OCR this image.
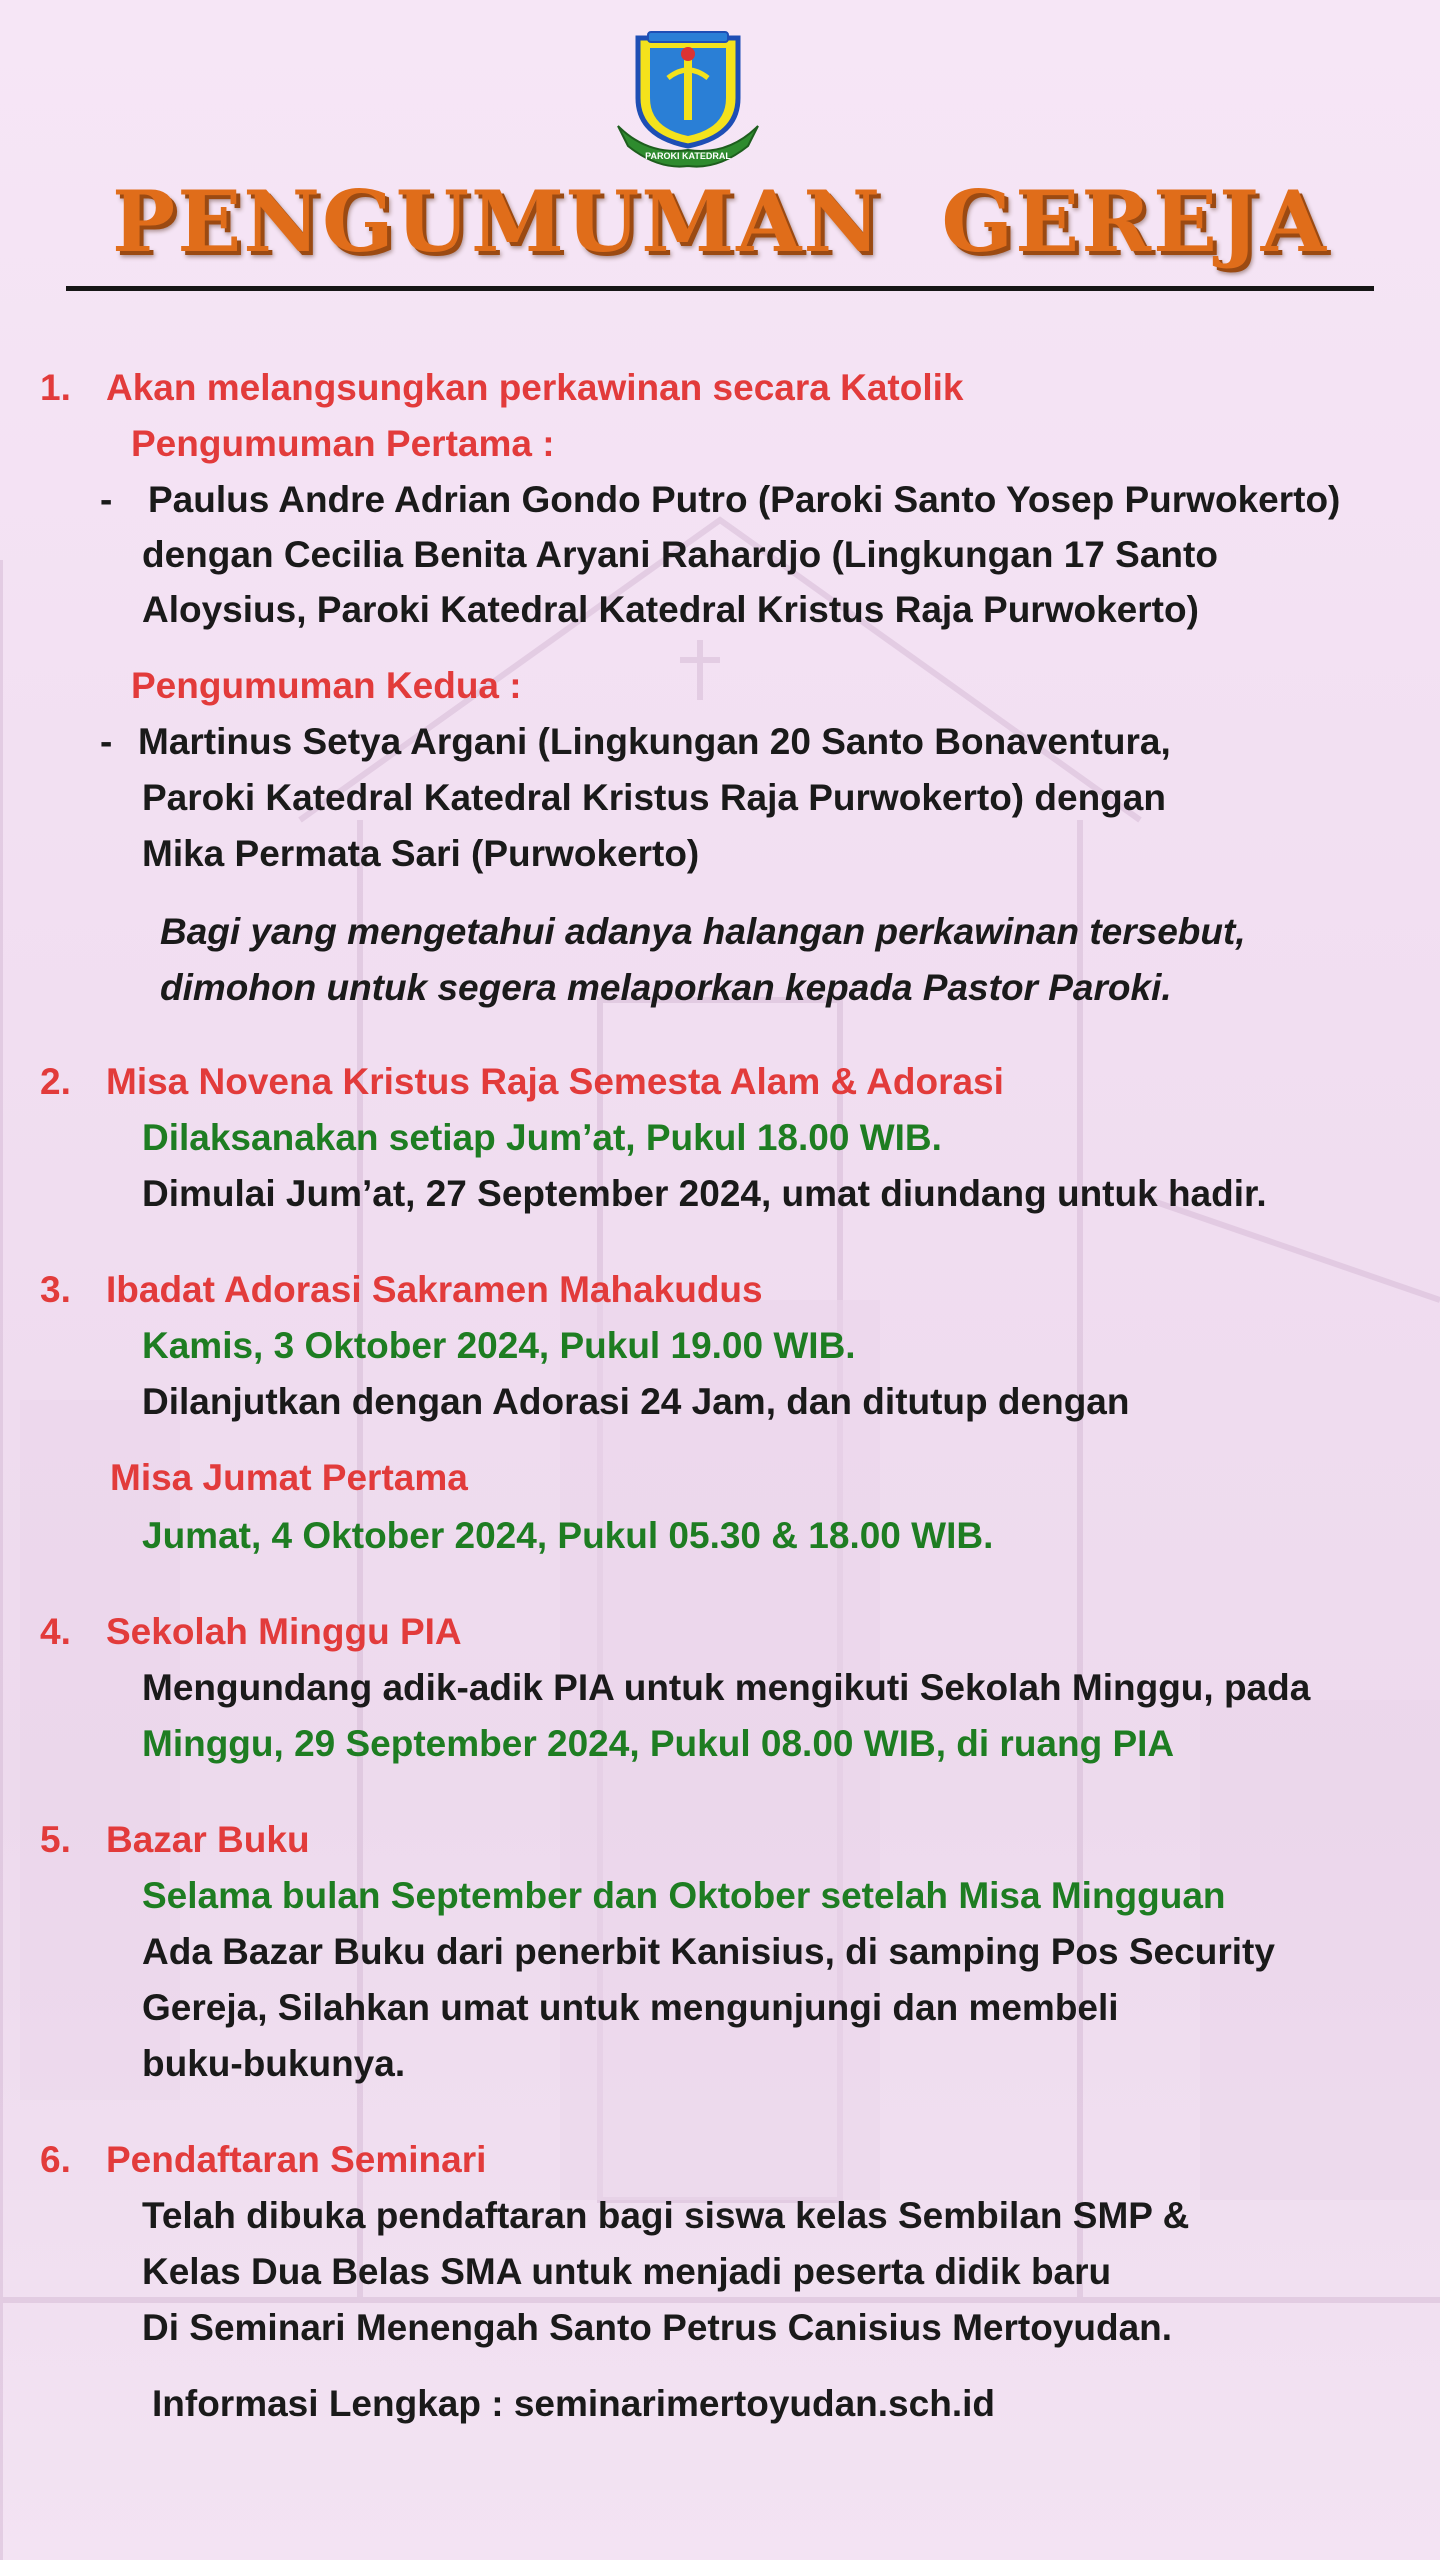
PAROKI KATEDRAL
PENGUMUMAN GEREJA
1. Akan melangsungkan perkawinan secara Katolik
Pengumuman Pertama :
- Paulus Andre Adrian Gondo Putro (Paroki Santo Yosep Purwokerto)
dengan Cecilia Benita Aryani Rahardjo (Lingkungan 17 Santo
Aloysius, Paroki Katedral Katedral Kristus Raja Purwokerto)
Pengumuman Kedua :
- Martinus Setya Argani (Lingkungan 20 Santo Bonaventura,
Paroki Katedral Katedral Kristus Raja Purwokerto) dengan
Mika Permata Sari (Purwokerto)
Bagi yang mengetahui adanya halangan perkawinan tersebut,
dimohon untuk segera melaporkan kepada Pastor Paroki.
2. Misa Novena Kristus Raja Semesta Alam & Adorasi
Dilaksanakan setiap Jum’at, Pukul 18.00 WIB.
Dimulai Jum’at, 27 September 2024, umat diundang untuk hadir.
3. Ibadat Adorasi Sakramen Mahakudus
Kamis, 3 Oktober 2024, Pukul 19.00 WIB.
Dilanjutkan dengan Adorasi 24 Jam, dan ditutup dengan
Misa Jumat Pertama
Jumat, 4 Oktober 2024, Pukul 05.30 & 18.00 WIB.
4. Sekolah Minggu PIA
Mengundang adik-adik PIA untuk mengikuti Sekolah Minggu, pada
Minggu, 29 September 2024, Pukul 08.00 WIB, di ruang PIA
5. Bazar Buku
Selama bulan September dan Oktober setelah Misa Mingguan
Ada Bazar Buku dari penerbit Kanisius, di samping Pos Security
Gereja, Silahkan umat untuk mengunjungi dan membeli
buku-bukunya.
6. Pendaftaran Seminari
Telah dibuka pendaftaran bagi siswa kelas Sembilan SMP &
Kelas Dua Belas SMA untuk menjadi peserta didik baru
Di Seminari Menengah Santo Petrus Canisius Mertoyudan.
Informasi Lengkap : seminarimertoyudan.sch.id
